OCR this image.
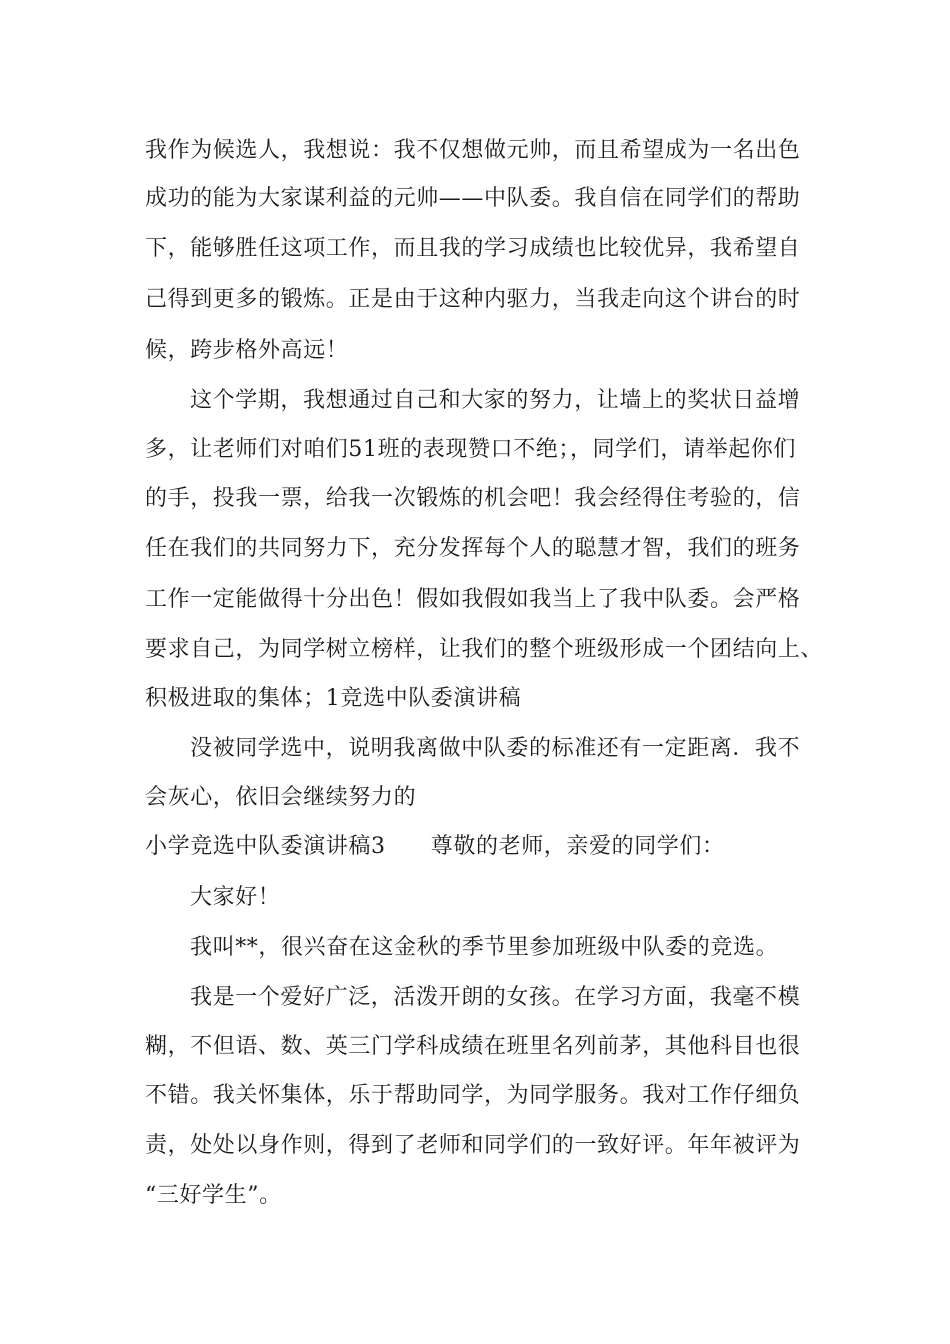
我作为候选人，我想说：我不仅想做元帅，而且希望成为一名出色
成功的能为大家谋利益的元帅——中队委。我自信在同学们的帮助
下，能够胜任这项工作，而且我的学习成绩也比较优异，我希望自
己得到更多的锻炼。正是由于这种内驱力，当我走向这个讲台的时
候，跨步格外高远！
这个学期，我想通过自己和大家的努力，让墙上的奖状日益增
多，让老师们对咱们51班的表现赞口不绝；，同学们，请举起你们
的手，投我一票，给我一次锻炼的机会吧！我会经得住考验的，信
任在我们的共同努力下，充分发挥每个人的聪慧才智，我们的班务
工作一定能做得十分出色！假如我假如我当上了我中队委。会严格
要求自己，为同学树立榜样，让我们的整个班级形成一个团结向上、
积极进取的集体；1竞选中队委演讲稿
没被同学选中，说明我离做中队委的标准还有一定距离．我不
会灰心，依旧会继续努力的
小学竞选中队委演讲稿3　　尊敬的老师，亲爱的同学们：
大家好！
我叫**，很兴奋在这金秋的季节里参加班级中队委的竞选。
我是一个爱好广泛，活泼开朗的女孩。在学习方面，我毫不模
糊，不但语、数、英三门学科成绩在班里名列前茅，其他科目也很
不错。我关怀集体，乐于帮助同学，为同学服务。我对工作仔细负
责，处处以身作则，得到了老师和同学们的一致好评。年年被评为
“三好学生”。
